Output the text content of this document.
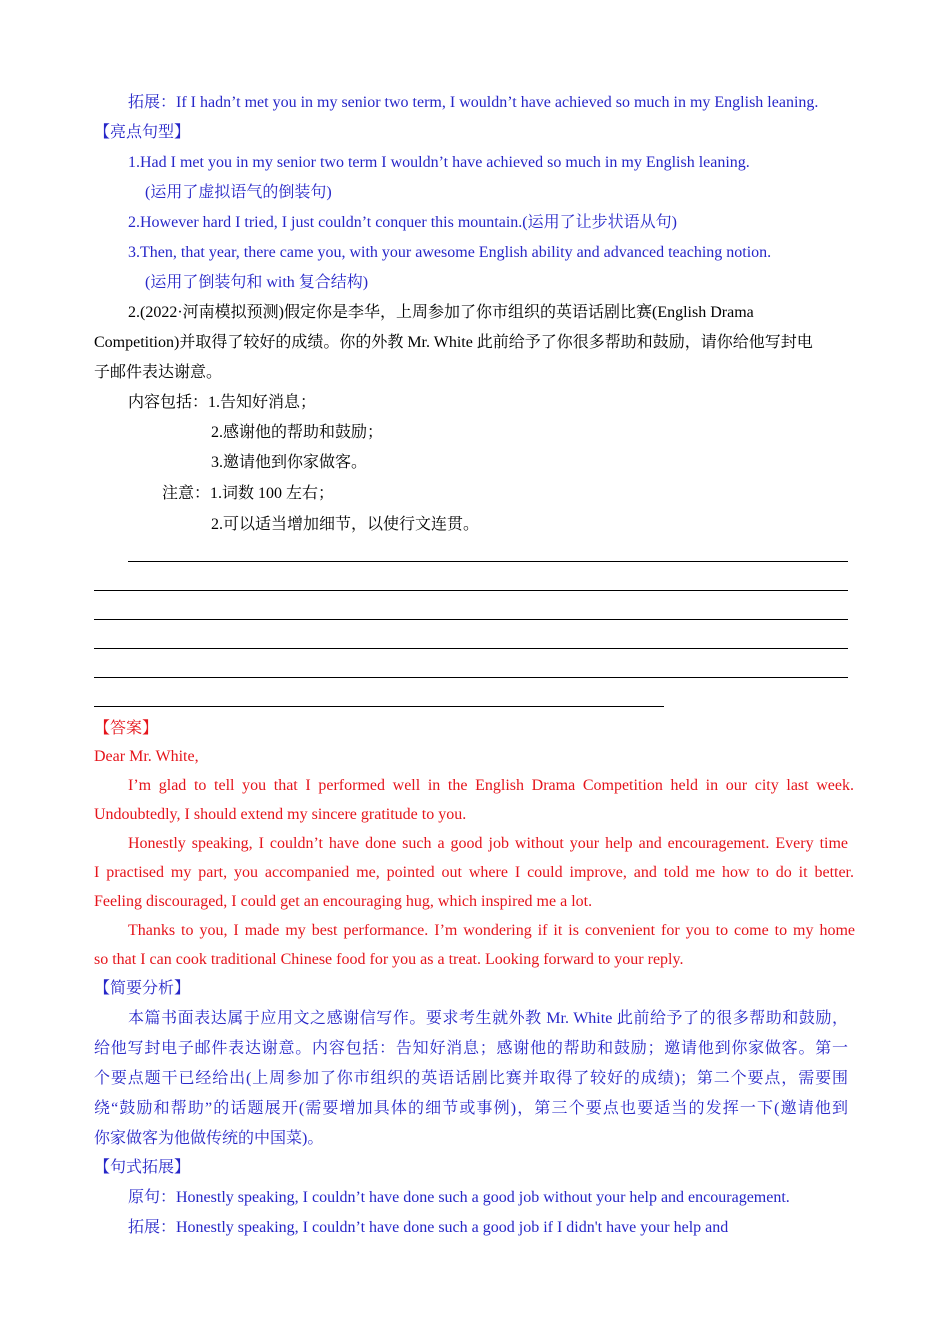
拓展：If I hadn’t met you in my senior two term, I wouldn’t have achieved so much in my English leaning.
【亮点句型】
1.Had I met you in my senior two term I wouldn’t have achieved so much in my English leaning.
(运用了虚拟语气的倒装句)
2.However hard I tried, I just couldn’t conquer this mountain.(运用了让步状语从句)
3.Then, that year, there came you, with your awesome English ability and advanced teaching notion.
(运用了倒装句和 with 复合结构)
2.(2022·河南模拟预测)假定你是李华，上周参加了你市组织的英语话剧比赛(English Drama
Competition)并取得了较好的成绩。你的外教 Mr. White 此前给予了你很多帮助和鼓励，请你给他写封电
子邮件表达谢意。
内容包括：1.告知好消息；
2.感谢他的帮助和鼓励；
3.邀请他到你家做客。
注意：1.词数 100 左右；
2.可以适当增加细节，以使行文连贯。
【答案】
Dear Mr. White,
I’m glad to tell you that I performed well in the English Drama Competition held in our city last week.
Undoubtedly, I should extend my sincere gratitude to you.
Honestly speaking, I couldn’t have done such a good job without your help and encouragement. Every time
I practised my part, you accompanied me, pointed out where I could improve, and told me how to do it better.
Feeling discouraged, I could get an encouraging hug, which inspired me a lot.
Thanks to you, I made my best performance. I’m wondering if it is convenient for you to come to my home
so that I can cook traditional Chinese food for you as a treat. Looking forward to your reply.
【简要分析】
本篇书面表达属于应用文之感谢信写作。要求考生就外教 Mr. White 此前给予了的很多帮助和鼓励，
给他写封电子邮件表达谢意。内容包括：告知好消息；感谢他的帮助和鼓励；邀请他到你家做客。第一
个要点题干已经给出(上周参加了你市组织的英语话剧比赛并取得了较好的成绩)；第二个要点，需要围
绕“鼓励和帮助”的话题展开(需要增加具体的细节或事例)，第三个要点也要适当的发挥一下(邀请他到
你家做客为他做传统的中国菜)。
【句式拓展】
原句：Honestly speaking, I couldn’t have done such a good job without your help and encouragement.
拓展：Honestly speaking, I couldn’t have done such a good job if I didn't have your help and
